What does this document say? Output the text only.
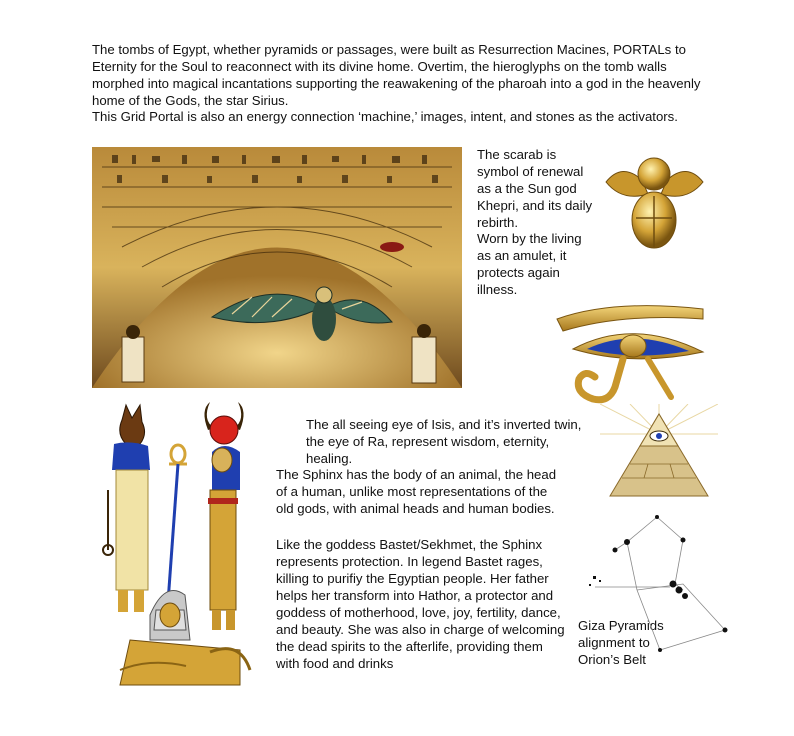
The tombs of Egypt, whether pyramids or passages, were built as Resurrection Macines, PORTALs to Eternity for the Soul to reaconnect with its divine home. Overtim, the hieroglyphs on the tomb walls morphed into magical incantations supporting the reawakening of the pharoah into a god in the heavenly home of the Gods, the star Sirius.

This Grid Portal is also an energy connection ‘machine,’ images, intent, and stones as the activators.

The scarab is symbol of renewal as a the Sun god Khepri, and its daily rebirth.

Worn by the living as an amulet, it protects again illness.

The all seeing eye of Isis, and it’s inverted twin, the eye of Ra, represent wisdom, eternity, healing.

The Sphinx has the body of an animal, the head of a human, unlike most representations of the old gods, with animal heads and human bodies.

Like the goddess Bastet/Sekhmet, the Sphinx represents protection. In legend Bastet rages, killing to purifiy the Egyptian people. Her father helps her transform into Hathor, a protector and goddess of motherhood, love, joy, fertility, dance, and beauty. She was also in charge of welcoming the dead spirits to the afterlife, providing them with food and drinks

Giza Pyramids alignment to Orion’s Belt
